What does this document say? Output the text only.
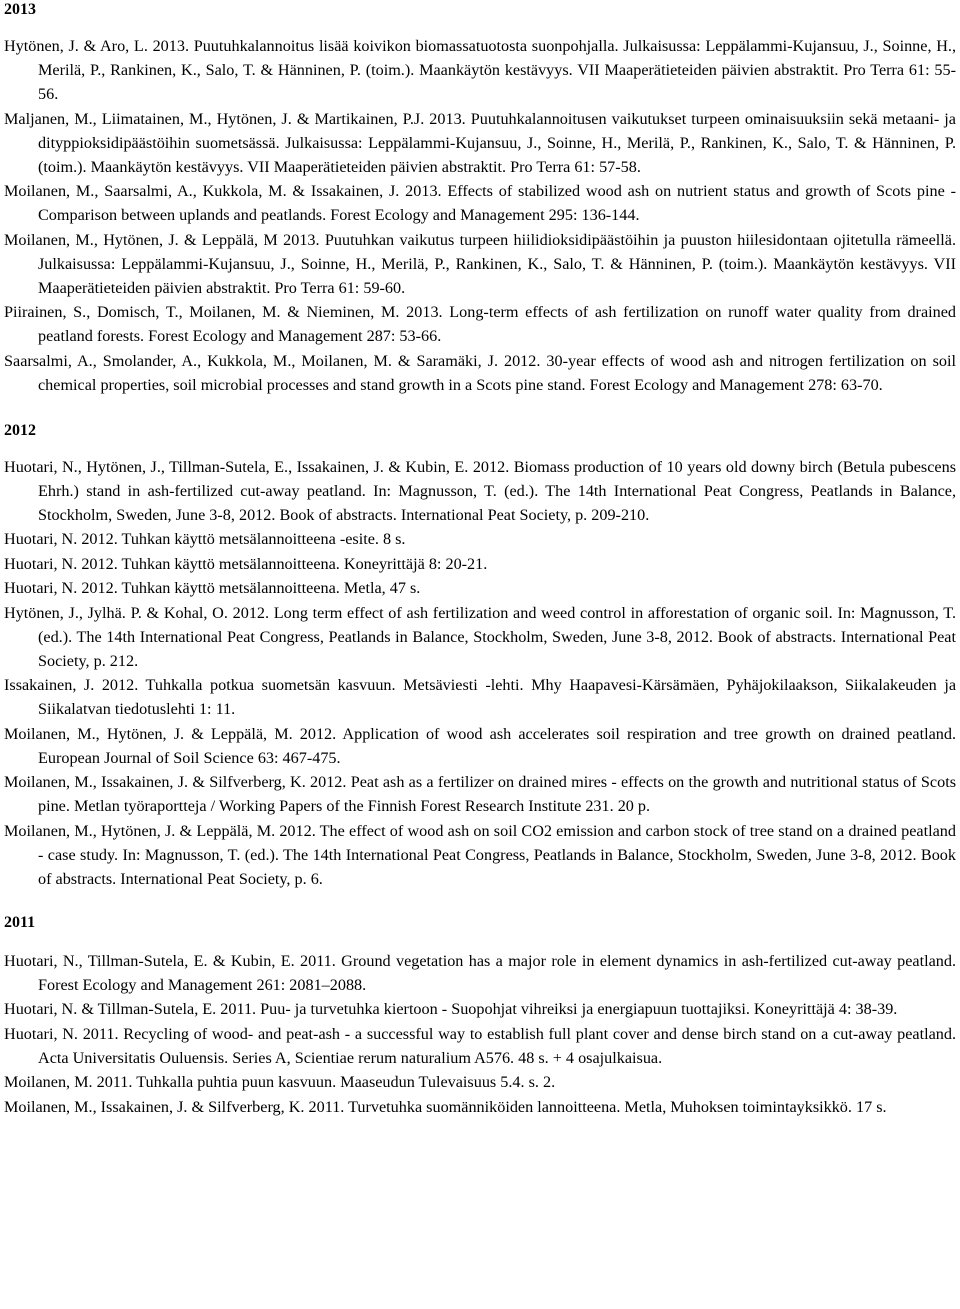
2013
Hytönen, J. & Aro, L. 2013. Puutuhkalannoitus lisää koivikon biomassatuotosta suonpohjalla. Julkaisussa: Leppälammi-Kujansuu, J., Soinne, H., Merilä, P., Rankinen, K., Salo, T. & Hänninen, P. (toim.). Maankäytön kestävyys. VII Maaperätieteiden päivien abstraktit. Pro Terra 61: 55-56.
Maljanen, M., Liimatainen, M., Hytönen, J. & Martikainen, P.J. 2013. Puutuhkalannoitusen vaikutukset turpeen ominaisuuksiin sekä metaani- ja dityppioksidipäästöihin suometsässä. Julkaisussa: Leppälammi-Kujansuu, J., Soinne, H., Merilä, P., Rankinen, K., Salo, T. & Hänninen, P. (toim.). Maankäytön kestävyys. VII Maaperätieteiden päivien abstraktit. Pro Terra 61: 57-58.
Moilanen, M., Saarsalmi, A., Kukkola, M. & Issakainen, J. 2013. Effects of stabilized wood ash on nutrient status and growth of Scots pine - Comparison between uplands and peatlands. Forest Ecology and Management 295: 136-144.
Moilanen, M., Hytönen, J. & Leppälä, M 2013. Puutuhkan vaikutus turpeen hiilidioksidipäästöihin ja puuston hiilesidontaan ojitetulla rämeellä. Julkaisussa: Leppälammi-Kujansuu, J., Soinne, H., Merilä, P., Rankinen, K., Salo, T. & Hänninen, P. (toim.). Maankäytön kestävyys. VII Maaperätieteiden päivien abstraktit. Pro Terra 61: 59-60.
Piirainen, S., Domisch, T., Moilanen, M. & Nieminen, M. 2013. Long-term effects of ash fertilization on runoff water quality from drained peatland forests. Forest Ecology and Management 287: 53-66.
Saarsalmi, A., Smolander, A., Kukkola, M., Moilanen, M. & Saramäki, J. 2012. 30-year effects of wood ash and nitrogen fertilization on soil chemical properties, soil microbial processes and stand growth in a Scots pine stand. Forest Ecology and Management 278: 63-70.
2012
Huotari, N., Hytönen, J., Tillman-Sutela, E., Issakainen, J. & Kubin, E. 2012. Biomass production of 10 years old downy birch (Betula pubescens Ehrh.) stand in ash-fertilized cut-away peatland. In: Magnusson, T. (ed.). The 14th International Peat Congress, Peatlands in Balance, Stockholm, Sweden, June 3-8, 2012. Book of abstracts. International Peat Society, p. 209-210.
Huotari, N. 2012. Tuhkan käyttö metsälannoitteena -esite. 8 s.
Huotari, N. 2012. Tuhkan käyttö metsälannoitteena. Koneyrittäjä 8: 20-21.
Huotari, N. 2012. Tuhkan käyttö metsälannoitteena. Metla, 47 s.
Hytönen, J., Jylhä. P. & Kohal, O. 2012. Long term effect of ash fertilization and weed control in afforestation of organic soil. In: Magnusson, T. (ed.). The 14th International Peat Congress, Peatlands in Balance, Stockholm, Sweden, June 3-8, 2012. Book of abstracts. International Peat Society, p. 212.
Issakainen, J. 2012. Tuhkalla potkua suometsän kasvuun. Metsäviesti -lehti. Mhy Haapavesi-Kärsämäen, Pyhäjokilaakson, Siikalakeuden ja Siikalatvan tiedotuslehti 1: 11.
Moilanen, M., Hytönen, J. & Leppälä, M. 2012. Application of wood ash accelerates soil respiration and tree growth on drained peatland. European Journal of Soil Science 63: 467-475.
Moilanen, M., Issakainen, J. & Silfverberg, K. 2012. Peat ash as a fertilizer on drained mires - effects on the growth and nutritional status of Scots pine. Metlan työraportteja / Working Papers of the Finnish Forest Research Institute 231. 20 p.
Moilanen, M., Hytönen, J. & Leppälä, M. 2012. The effect of wood ash on soil CO2 emission and carbon stock of tree stand on a drained peatland - case study. In: Magnusson, T. (ed.). The 14th International Peat Congress, Peatlands in Balance, Stockholm, Sweden, June 3-8, 2012. Book of abstracts. International Peat Society, p. 6.
2011
Huotari, N., Tillman-Sutela, E. & Kubin, E. 2011. Ground vegetation has a major role in element dynamics in ash-fertilized cut-away peatland. Forest Ecology and Management 261: 2081–2088.
Huotari, N. & Tillman-Sutela, E. 2011. Puu- ja turvetuhka kiertoon - Suopohjat vihreiksi ja energiapuun tuottajiksi. Koneyrittäjä 4: 38-39.
Huotari, N. 2011. Recycling of wood- and peat-ash - a successful way to establish full plant cover and dense birch stand on a cut-away peatland. Acta Universitatis Ouluensis. Series A, Scientiae rerum naturalium A576. 48 s. + 4 osajulkaisua.
Moilanen, M. 2011. Tuhkalla puhtia puun kasvuun. Maaseudun Tulevaisuus 5.4. s. 2.
Moilanen, M., Issakainen, J. & Silfverberg, K. 2011. Turvetuhka suomänniköiden lannoitteena. Metla, Muhoksen toimintayksikkö. 17 s.
